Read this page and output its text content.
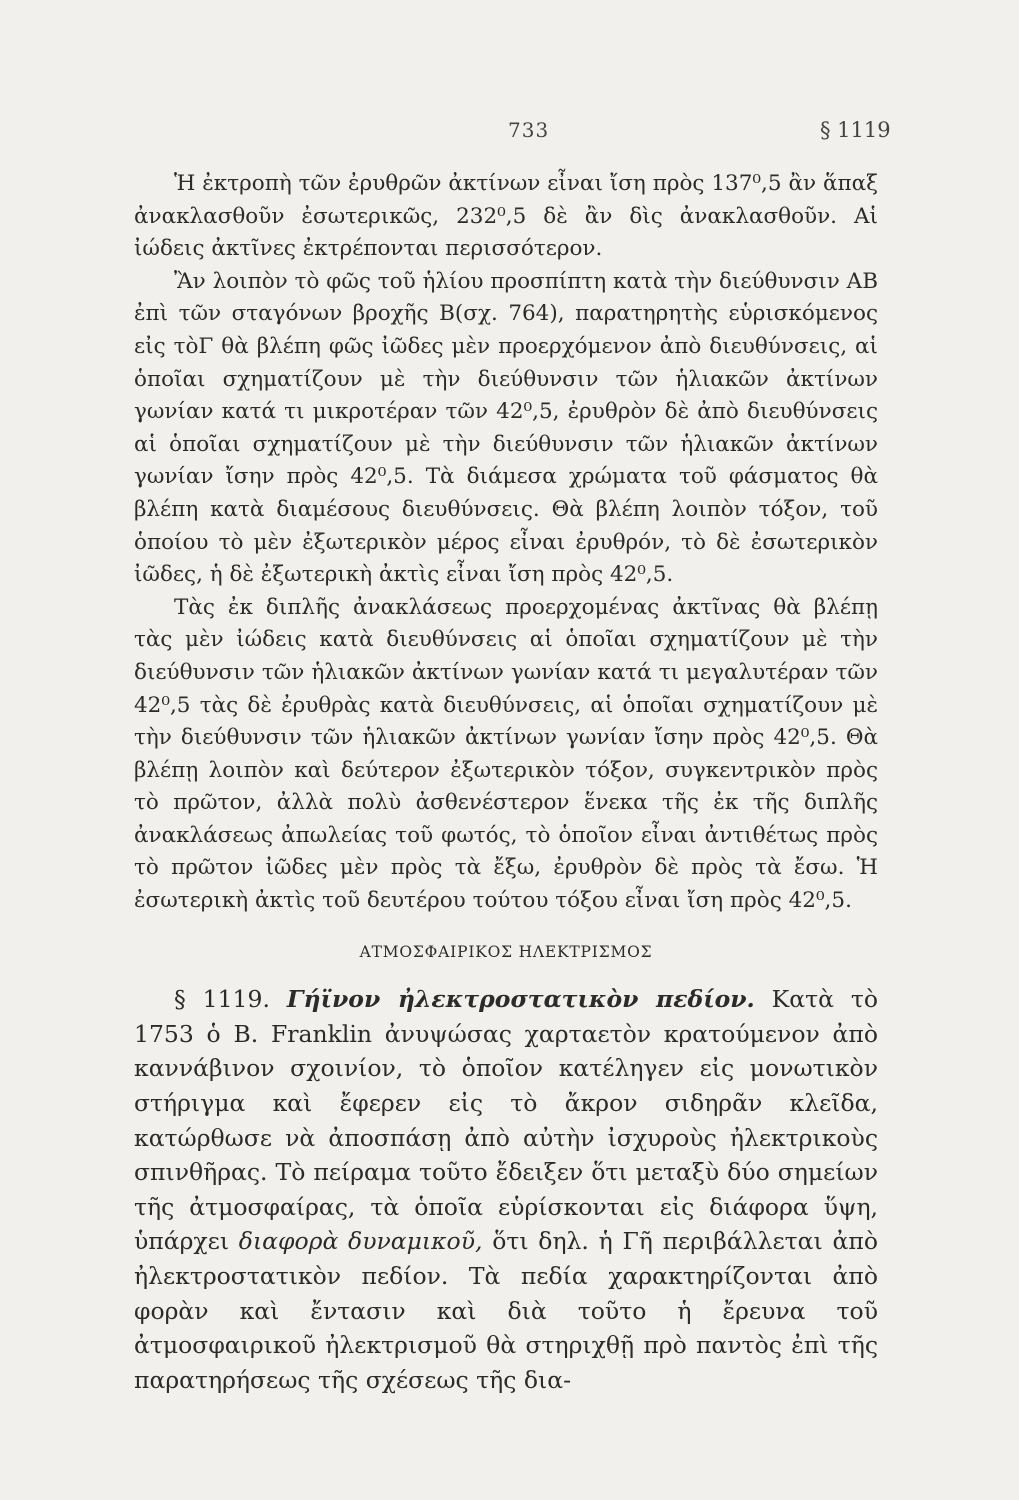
733	§ 1119

Ἡ ἐκτροπὴ τῶν ἐρυθρῶν ἀκτίνων εἶναι ἴση πρὸς 137⁰,5 ἂν ἅπαξ ἀνακλασθοῦν ἐσωτερικῶς, 232⁰,5 δὲ ἂν δὶς ἀνακλασθοῦν. Αἱ ἰώδεις ἀκτῖνες ἐκτρέπονται περισσότερον.

Ἂν λοιπὸν τὸ φῶς τοῦ ἡλίου προσπίπτη κατὰ τὴν διεύθυνσιν ΑΒ ἐπὶ τῶν σταγόνων βροχῆς Β(σχ. 764), παρατηρητὴς εὑρισκόμενος εἰς τὸΓ θὰ βλέπη φῶς ἰῶδες μὲν προερχόμενον ἀπὸ διευθύνσεις, αἱ ὁποῖαι σχηματίζουν μὲ τὴν διεύθυνσιν τῶν ἡλιακῶν ἀκτίνων γωνίαν κατά τι μικροτέραν τῶν 42⁰,5, ἐρυθρὸν δὲ ἀπὸ διευθύνσεις αἱ ὁποῖαι σχηματίζουν μὲ τὴν διεύθυνσιν τῶν ἡλιακῶν ἀκτίνων γωνίαν ἴσην πρὸς 42⁰,5. Τὰ διάμεσα χρώματα τοῦ φάσματος θὰ βλέπη κατὰ διαμέσους διευθύνσεις. Θὰ βλέπη λοιπὸν τόξον, τοῦ ὁποίου τὸ μὲν ἐξωτερικὸν μέρος εἶναι ἐρυθρόν, τὸ δὲ ἐσωτερικὸν ἰῶδες, ἡ δὲ ἐξωτερικὴ ἀκτὶς εἶναι ἴση πρὸς 42⁰,5.

Τὰς ἐκ διπλῆς ἀνακλάσεως προερχομένας ἀκτῖνας θὰ βλέπῃ τὰς μὲν ἰώδεις κατὰ διευθύνσεις αἱ ὁποῖαι σχηματίζουν μὲ τὴν διεύθυνσιν τῶν ἡλιακῶν ἀκτίνων γωνίαν κατά τι μεγαλυτέραν τῶν 42⁰,5 τὰς δὲ ἐρυθρὰς κατὰ διευθύνσεις, αἱ ὁποῖαι σχηματίζουν μὲ τὴν διεύθυνσιν τῶν ἡλιακῶν ἀκτίνων γωνίαν ἴσην πρὸς 42⁰,5. Θὰ βλέπῃ λοιπὸν καὶ δεύτερον ἐξωτερικὸν τόξον, συγκεντρικὸν πρὸς τὸ πρῶτον, ἀλλὰ πολὺ ἀσθενέστερον ἕνεκα τῆς ἐκ τῆς διπλῆς ἀνακλάσεως ἀπωλείας τοῦ φωτός, τὸ ὁποῖον εἶναι ἀντιθέτως πρὸς τὸ πρῶτον ἰῶδες μὲν πρὸς τὰ ἔξω, ἐρυθρὸν δὲ πρὸς τὰ ἔσω. Ἡ ἐσωτερικὴ ἀκτὶς τοῦ δευτέρου τούτου τόξου εἶναι ἴση πρὸς 42⁰,5.

ΑΤΜΟΣΦΑΙΡΙΚΟΣ ΗΛΕΚΤΡΙΣΜΟΣ

§ 1119. Γήϊνον ἠλεκτροστατικὸν πεδίον. Κατὰ τὸ 1753 ὁ B. Franklin ἀνυψώσας χαρταετὸν κρατούμενον ἀπὸ καννάβινον σχοινίον, τὸ ὁποῖον κατέληγεν εἰς μονωτικὸν στήριγμα καὶ ἔφερεν εἰς τὸ ἄκρον σιδηρᾶν κλεῖδα, κατώρθωσε νὰ ἀποσπάσῃ ἀπὸ αὐτὴν ἰσχυροὺς ἠλεκτρικοὺς σπινθῆρας. Τὸ πείραμα τοῦτο ἔδειξεν ὅτι μεταξὺ δύο σημείων τῆς ἀτμοσφαίρας, τὰ ὁποῖα εὑρίσκονται εἰς διάφορα ὕψη, ὑπάρχει διαφορὰ δυναμικοῦ, ὅτι δηλ. ἡ Γῆ περιβάλλεται ἀπὸ ἠλεκτροστατικὸν πεδίον. Τὰ πεδία χαρακτηρίζονται ἀπὸ φορὰν καὶ ἔντασιν καὶ διὰ τοῦτο ἡ ἔρευνα τοῦ ἀτμοσφαιρικοῦ ἠλεκτρισμοῦ θὰ στηριχθῇ πρὸ παντὸς ἐπὶ τῆς παρατηρήσεως τῆς σχέσεως τῆς δια-
